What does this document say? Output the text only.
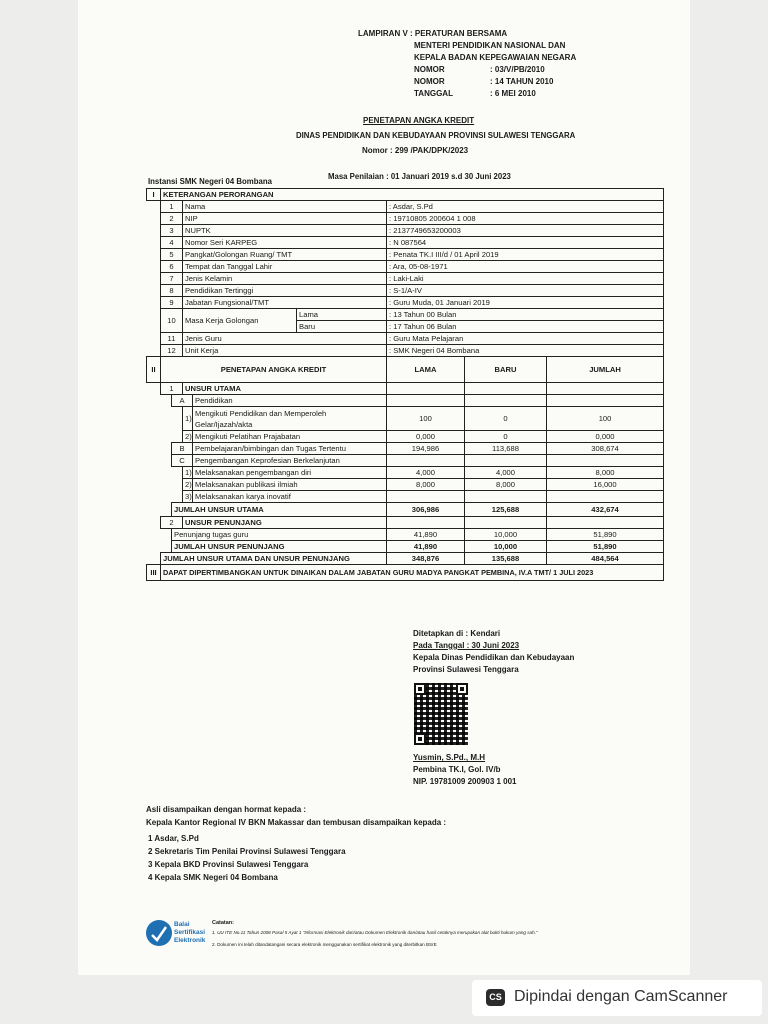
LAMPIRAN V : PERATURAN BERSAMA
MENTERI PENDIDIKAN NASIONAL DAN
KEPALA BADAN KEPEGAWAIAN NEGARA
NOMOR	: 03/V/PB/2010
NOMOR	: 14 TAHUN 2010
TANGGAL	: 6 MEI 2010
PENETAPAN ANGKA KREDIT
DINAS PENDIDIKAN DAN KEBUDAYAAN PROVINSI SULAWESI TENGGARA
Nomor : 299 /PAK/DPK/2023
Instansi SMK Negeri 04 Bombana
Masa Penilaian : 01 Januari 2019 s.d 30 Juni 2023
I	KETERANGAN PERORANGAN							
	1		Nama			: Asdar, S.Pd		
	2		NIP			: 19710805 200604 1 008		
	3		NUPTK			: 2137749653200003		
	4		Nomor Seri KARPEG			: N 087564		
	5		Pangkat/Golongan Ruang/ TMT			: Penata TK.I III/d / 01 April 2019		
	6		Tempat dan Tanggal Lahir			: Ara, 05-08-1971		
	7		Jenis Kelamin			: Laki-Laki		
	8		Pendidikan Tertinggi			: S-1/A-IV		
	9		Jabatan Fungsional/TMT			: Guru Muda, 01 Januari 2019		
	10		Masa Kerja Golongan		Lama	: 13 Tahun 00 Bulan		
					Baru	: 17 Tahun 06 Bulan		
	11		Jenis Guru			: Guru Mata Pelajaran		
	12		Unit Kerja			: SMK Negeri 04 Bombana		
II	PENETAPAN ANGKA KREDIT					LAMA	BARU	JUMLAH
	1		UNSUR UTAMA					
		A		Pendidikan				
			1)	Mengikuti Pendidikan dan Memperoleh
Gelar/Ijazah/akta		100	0	100
			2)	Mengikuti Pelatihan Prajabatan		0,000	0	0,000
		B		Pembelajaran/bimbingan dan Tugas Tertentu		194,986	113,688	308,674
		C		Pengembangan Keprofesian Berkelanjutan				
			1)	Melaksanakan pengembangan diri		4,000	4,000	8,000
			2)	Melaksanakan publikasi ilmiah		8,000	8,000	16,000
			3)	Melaksanakan karya inovatif				
		JUMLAH UNSUR UTAMA				306,986	125,688	432,674
	2		UNSUR PENUNJANG					
		Penunjang tugas guru				41,890	10,000	51,890
		JUMLAH UNSUR PENUNJANG				41,890	10,000	51,890
	JUMLAH UNSUR UTAMA DAN UNSUR PENUNJANG					348,876	135,688	484,564
III	DAPAT DIPERTIMBANGKAN UNTUK DINAIKAN DALAM JABATAN GURU MADYA PANGKAT PEMBINA, IV.A TMT/ 1 JULI 2023							
Ditetapkan di : Kendari
Pada Tanggal : 30 Juni 2023
Kepala Dinas Pendidikan dan Kebudayaan
Provinsi Sulawesi Tenggara
Yusmin, S.Pd., M.H
Pembina TK.I, Gol. IV/b
NIP. 19781009 200903 1 001
Asli disampaikan dengan hormat kepada :
Kepala Kantor Regional IV BKN Makassar dan tembusan disampaikan kepada :
1 Asdar, S.Pd
2 Sekretaris Tim Penilai Provinsi Sulawesi Tenggara
3 Kepala BKD Provinsi Sulawesi Tenggara
4 Kepala SMK Negeri 04 Bombana
Balai
Sertifikasi
Elektronik
Catatan:
1. UU ITE No.11 Tahun 2008 Pasal 5 Ayat 1 "Informasi Elektronik dan/atau Dokumen Elektronik dan/atau hasil cetaknya merupakan alat bukti hukum yang sah."
2. Dokumen ini telah ditandatangani secara elektronik menggunakan sertifikat elektronik yang diterbitkan BSrE
CS Dipindai dengan CamScanner
